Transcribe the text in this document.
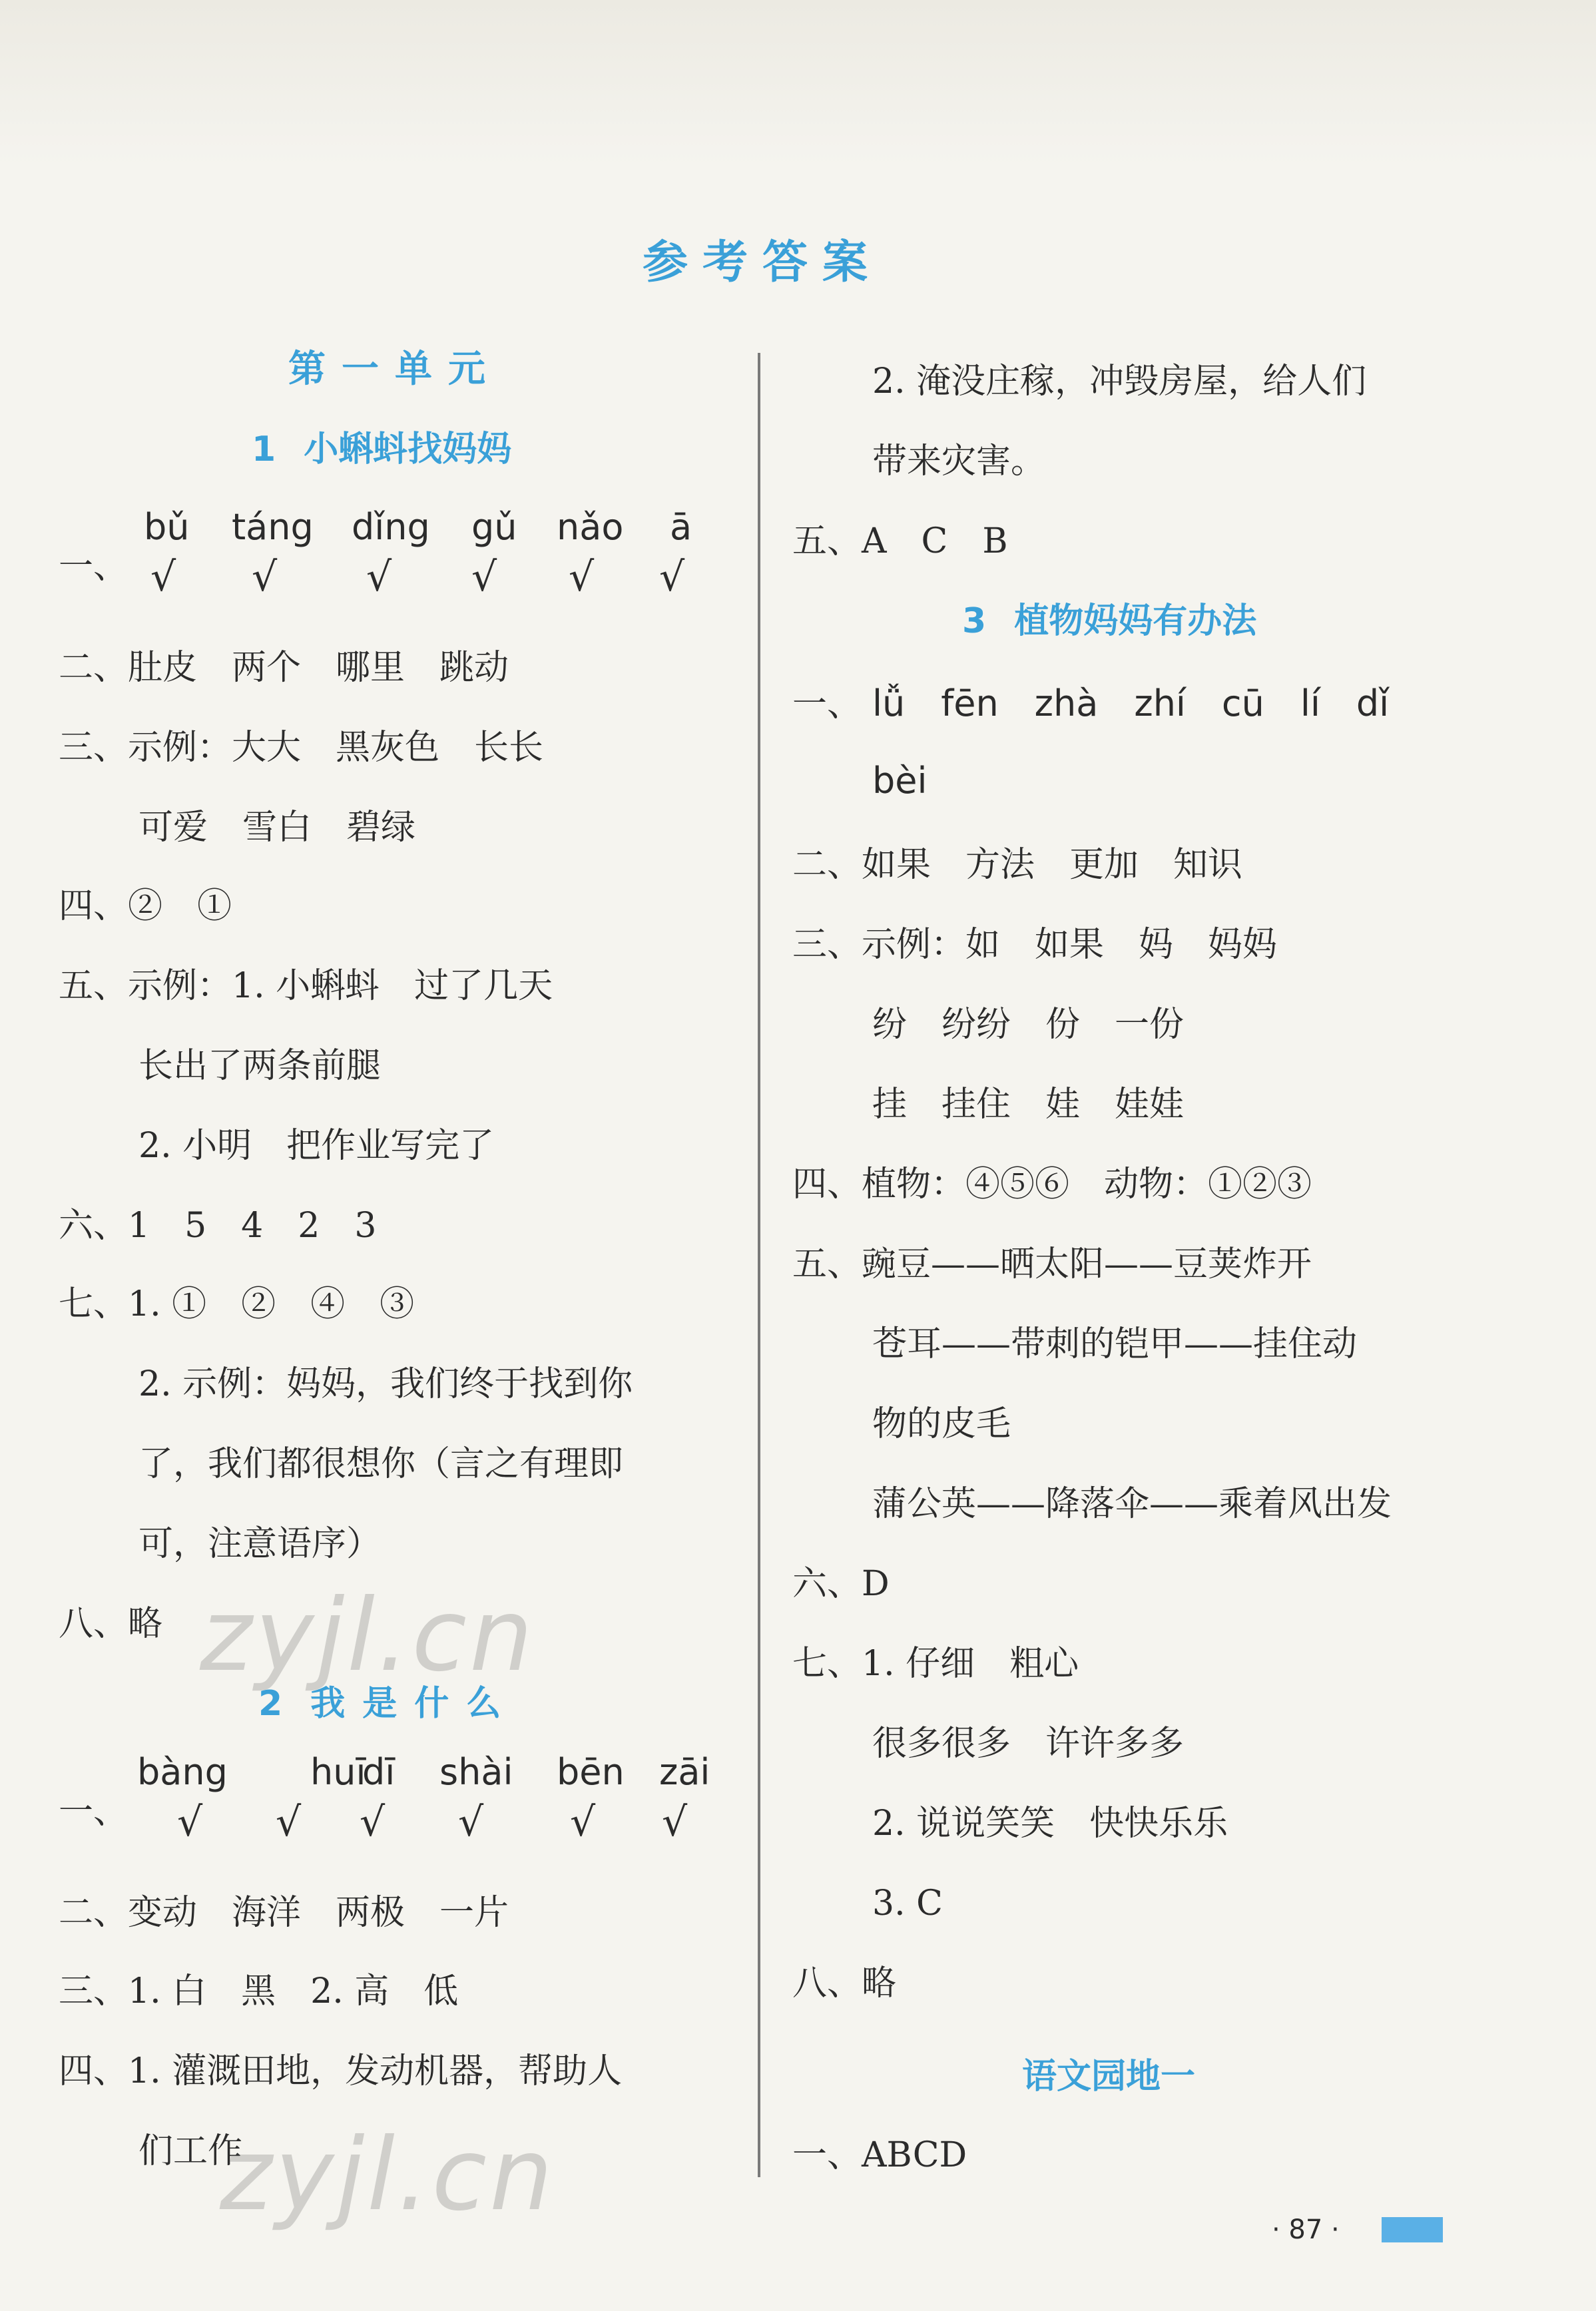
参考答案
第一单元
1 小蝌蚪找妈妈
一、
bǔ táng dǐng gǔ nǎo ā
√ √ √ √ √ √
二、肚皮　两个　哪里　跳动
三、示例：大大　黑灰色　长长
可爱　雪白　碧绿
四、②　①
五、示例：1. 小蝌蚪　过了几天
长出了两条前腿
2. 小明　把作业写完了
六、1　5　4　2　3
七、1. ①　②　④　③
2. 示例：妈妈，我们终于找到你
了，我们都很想你（言之有理即
可，注意语序）
八、略
2 我是什么
一、
bàng huī
dī shài bēn zāi
√ √ √ √ √ √
二、变动　海洋　两极　一片
三、1. 白　黑　2. 高　低
四、1. 灌溉田地，发动机器，帮助人
们工作
2. 淹没庄稼，冲毁房屋，给人们
带来灾害。
五、A　C　B
3 植物妈妈有办法
一、 lǚ　fēn　zhà　zhí　cū　lí　dǐ
bèi
二、如果　方法　更加　知识
三、示例：如　如果　妈　妈妈
纷　纷纷　份　一份
挂　挂住　娃　娃娃
四、植物：④⑤⑥　动物：①②③
五、豌豆——晒太阳——豆荚炸开
苍耳——带刺的铠甲——挂住动
物的皮毛
蒲公英——降落伞——乘着风出发
六、D
七、1. 仔细　粗心
很多很多　许许多多
2. 说说笑笑　快快乐乐
3. C
八、略
语文园地一
一、ABCD
zyjl.cn
zyjl.cn	· 87 ·
